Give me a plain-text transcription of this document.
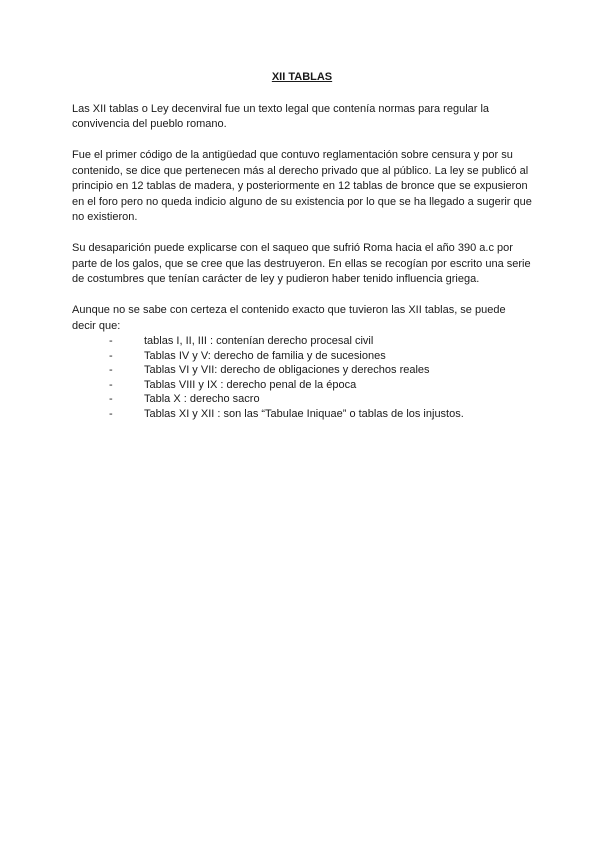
XII TABLAS

Las XII tablas o Ley decenviral fue un texto legal que contenía normas para regular la convivencia del pueblo romano.

Fue el primer código de la antigüedad que contuvo reglamentación sobre censura y por su contenido, se dice que pertenecen más al derecho privado que al público. La ley se publicó al principio en 12 tablas de madera, y posteriormente en 12 tablas de bronce que se expusieron en el foro pero no queda indicio alguno de su existencia por lo que se ha llegado a sugerir que no existieron.

Su desaparición puede explicarse con el saqueo que sufrió Roma hacia el año 390 a.c por parte de los galos, que se cree que las destruyeron. En ellas se recogían por escrito una serie de costumbres que tenían carácter de ley y pudieron haber tenido influencia griega.

Aunque no se sabe con certeza el contenido exacto que tuvieron las XII tablas, se puede decir que:

-	tablas I, II, III : contenían derecho procesal civil
-	Tablas IV y V: derecho de familia y de sucesiones
-	Tablas VI y VII: derecho de obligaciones y derechos reales
-	Tablas VIII y IX : derecho penal de la época
-	Tabla X : derecho sacro
-	Tablas XI y XII : son las “Tabulae Iniquae” o tablas de los injustos.
